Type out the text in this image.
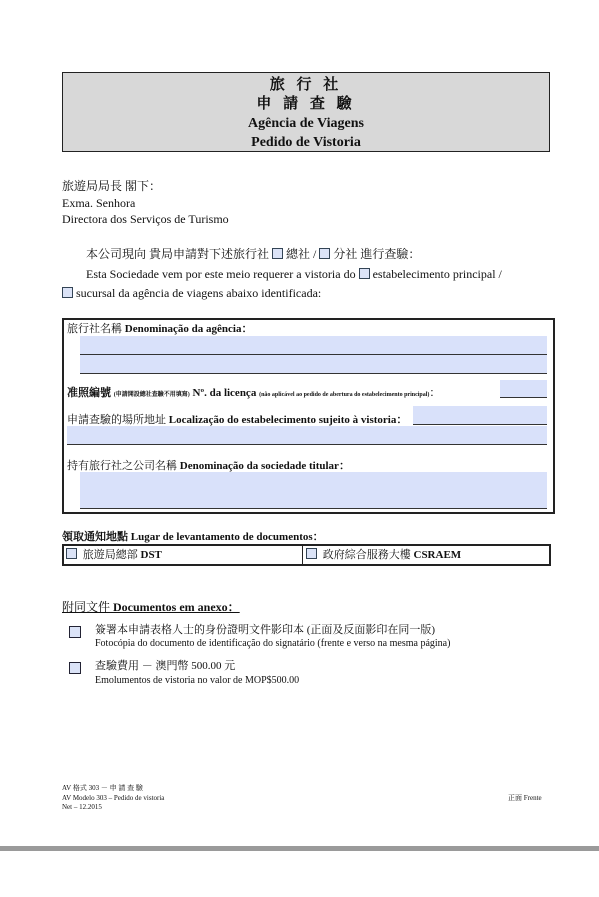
旅 行 社
申 請 查 驗
Agência de Viagens
Pedido de Vistoria
旅遊局局長 閣下：
Exma. Senhora
Directora dos Serviços de Turismo
本公司現向 貴局申請對下述旅行社 總社 / 分社 進行查驗：
Esta Sociedade vem por este meio requerer a vistoria do estabelecimento principal /
sucursal da agência de viagens abaixo identificada:
旅行社名稱 Denominação da agência：
准照編號 (申請開設總社查驗不用填寫) Nº. da licença (não aplicável ao pedido de abertura do estabelecimento principal)：
申請查驗的場所地址 Localização do estabelecimento sujeito à vistoria：
持有旅行社之公司名稱 Denominação da sociedade titular：
領取通知地點 Lugar de levantamento de documentos：
旅遊局總部 DST	政府綜合服務大樓 CSRAEM
附同文件 Documentos em anexo：
簽署本申請表格人士的身份證明文件影印本 (正面及反面影印在同一版)
Fotocópia do documento de identificação do signatário (frente e verso na mesma página)
查驗費用 － 澳門幣 500.00 元
Emolumentos de vistoria no valor de MOP$500.00
AV 格式 303 － 申 請 查 驗
AV Modelo 303 – Pedido de vistoria
Net – 12.2015
正面 Frente
